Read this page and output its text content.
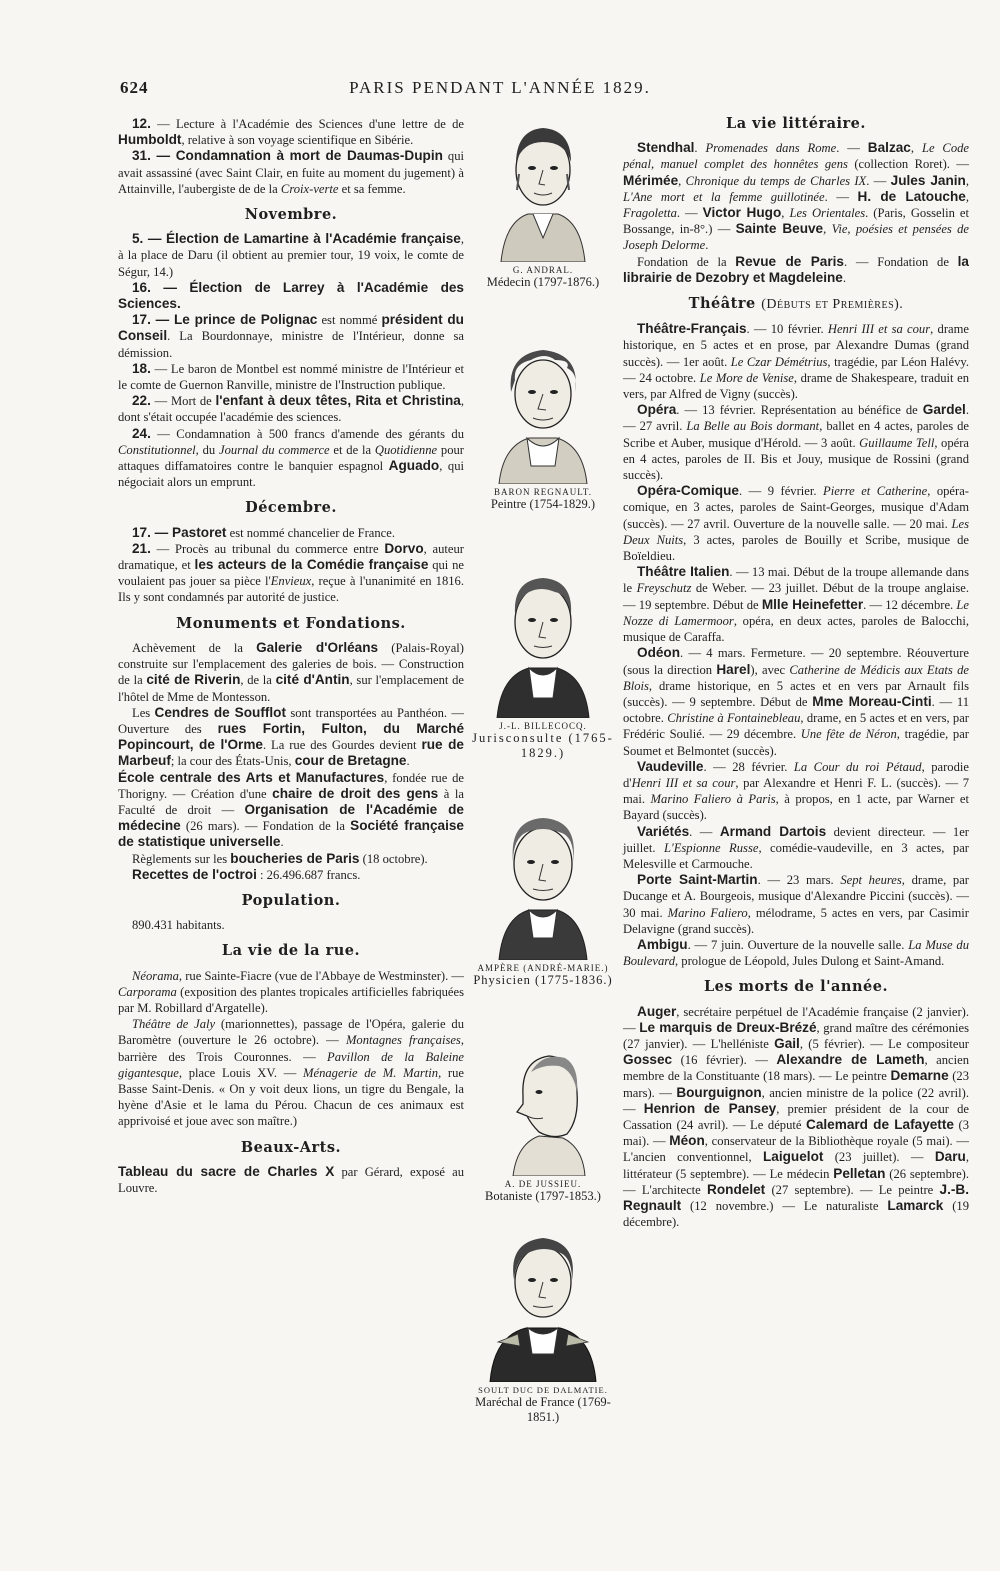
624	PARIS PENDANT L'ANNÉE 1829.

12. — Lecture à l'Académie des Sciences d'une lettre de de Humboldt, relative à son voyage scientifique en Sibérie.

31. — Condamnation à mort de Daumas-Dupin qui avait assassiné (avec Saint Clair, en fuite au moment du jugement) à Attainville, l'aubergiste de de la Croix-verte et sa femme.

Novembre.

5. — Élection de Lamartine à l'Académie française, à la place de Daru (il obtient au premier tour, 19 voix, le comte de Ségur, 14.)

16. — Élection de Larrey à l'Académie des Sciences.

17. — Le prince de Polignac est nommé président du Conseil. La Bourdonnaye, ministre de l'Intérieur, donne sa démission.

18. — Le baron de Montbel est nommé ministre de l'Intérieur et le comte de Guernon Ranville, ministre de l'Instruction publique.

22. — Mort de l'enfant à deux têtes, Rita et Christina, dont s'était occupée l'académie des sciences.

24. — Condamnation à 500 francs d'amende des gérants du Constitutionnel, du Journal du commerce et de la Quotidienne pour attaques diffamatoires contre le banquier espagnol Aguado, qui négociait alors un emprunt.

Décembre.

17. — Pastoret est nommé chancelier de France.

21. — Procès au tribunal du commerce entre Dorvo, auteur dramatique, et les acteurs de la Comédie française qui ne voulaient pas jouer sa pièce l'Envieux, reçue à l'unanimité en 1816. Ils y sont condamnés par autorité de justice.

Monuments et Fondations.

Achèvement de la Galerie d'Orléans (Palais-Royal) construite sur l'emplacement des galeries de bois. — Construction de la cité de Riverin, de la cité d'Antin, sur l'emplacement de l'hôtel de Mme de Montesson.

Les Cendres de Soufflot sont transportées au Panthéon. — Ouverture des rues Fortin, Fulton, du Marché Popincourt, de l'Orme. La rue des Gourdes devient rue de Marbeuf; la cour des États-Unis, cour de Bretagne.

École centrale des Arts et Manufactures, fondée rue de Thorigny. — Création d'une chaire de droit des gens à la Faculté de droit — Organisation de l'Académie de médecine (26 mars). — Fondation de la Société française de statistique universelle.

Règlements sur les boucheries de Paris (18 octobre).

Recettes de l'octroi : 26.496.687 francs.

Population.

890.431 habitants.

La vie de la rue.

Néorama, rue Sainte-Fiacre (vue de l'Abbaye de Westminster). — Carporama (exposition des plantes tropicales artificielles fabriquées par M. Robillard d'Argatelle).

Théâtre de Jaly (marionnettes), passage de l'Opéra, galerie du Baromètre (ouverture le 26 octobre). — Montagnes françaises, barrière des Trois Couronnes. — Pavillon de la Baleine gigantesque, place Louis XV. — Ménagerie de M. Martin, rue Basse Saint-Denis. « On y voit deux lions, un tigre du Bengale, la hyène d'Asie et le lama du Pérou. Chacun de ces animaux est apprivoisé et joue avec son maître.)

Beaux-Arts.

Tableau du sacre de Charles X par Gérard, exposé au Louvre.

G. ANDRAL.
Médecin (1797-1876.)
BARON REGNAULT.
Peintre (1754-1829.)
J.-L. BILLECOCQ.
Jurisconsulte (1765-1829.)
AMPÈRE (ANDRÉ-MARIE.)
Physicien (1775-1836.)
A. DE JUSSIEU.
Botaniste (1797-1853.)
SOULT DUC DE DALMATIE.
Maréchal de France (1769-1851.)
La vie littéraire.

Stendhal. Promenades dans Rome. — Balzac, Le Code pénal, manuel complet des honnêtes gens (collection Roret). — Mérimée, Chronique du temps de Charles IX. — Jules Janin, L'Ane mort et la femme guillotinée. — H. de Latouche, Fragoletta. — Victor Hugo, Les Orientales. (Paris, Gosselin et Bossange, in-8°.) — Sainte Beuve, Vie, poésies et pensées de Joseph Delorme.

Fondation de la Revue de Paris. — Fondation de la librairie de Dezobry et Magdeleine.

Théâtre (Débuts et Premières).

Théâtre-Français. — 10 février. Henri III et sa cour, drame historique, en 5 actes et en prose, par Alexandre Dumas (grand succès). — 1er août. Le Czar Démétrius, tragédie, par Léon Halévy. — 24 octobre. Le More de Venise, drame de Shakespeare, traduit en vers, par Alfred de Vigny (succès).

Opéra. — 13 février. Représentation au bénéfice de Gardel. — 27 avril. La Belle au Bois dormant, ballet en 4 actes, paroles de Scribe et Auber, musique d'Hérold. — 3 août. Guillaume Tell, opéra en 4 actes, paroles de II. Bis et Jouy, musique de Rossini (grand succès).

Opéra-Comique. — 9 février. Pierre et Catherine, opéra-comique, en 3 actes, paroles de Saint-Georges, musique d'Adam (succès). — 27 avril. Ouverture de la nouvelle salle. — 20 mai. Les Deux Nuits, 3 actes, paroles de Bouilly et Scribe, musique de Boïeldieu.

Théâtre Italien. — 13 mai. Début de la troupe allemande dans le Freyschutz de Weber. — 23 juillet. Début de la troupe anglaise. — 19 septembre. Début de Mlle Heinefetter. — 12 décembre. Le Nozze di Lamermoor, opéra, en deux actes, paroles de Balocchi, musique de Caraffa.

Odéon. — 4 mars. Fermeture. — 20 septembre. Réouverture (sous la direction Harel), avec Catherine de Médicis aux Etats de Blois, drame historique, en 5 actes et en vers par Arnault fils (succès). — 9 septembre. Début de Mme Moreau-Cinti. — 11 octobre. Christine à Fontainebleau, drame, en 5 actes et en vers, par Frédéric Soulié. — 29 décembre. Une fête de Néron, tragédie, par Soumet et Belmontet (succès).

Vaudeville. — 28 février. La Cour du roi Pétaud, parodie d'Henri III et sa cour, par Alexandre et Henri F. L. (succès). — 7 mai. Marino Faliero à Paris, à propos, en 1 acte, par Warner et Bayard (succès).

Variétés. — Armand Dartois devient directeur. — 1er juillet. L'Espionne Russe, comédie-vaudeville, en 3 actes, par Melesville et Carmouche.

Porte Saint-Martin. — 23 mars. Sept heures, drame, par Ducange et A. Bourgeois, musique d'Alexandre Piccini (succès). — 30 mai. Marino Faliero, mélodrame, 5 actes en vers, par Casimir Delavigne (grand succès).

Ambigu. — 7 juin. Ouverture de la nouvelle salle. La Muse du Boulevard, prologue de Léopold, Jules Dulong et Saint-Amand.

Les morts de l'année.

Auger, secrétaire perpétuel de l'Académie française (2 janvier). — Le marquis de Dreux-Brézé, grand maître des cérémonies (27 janvier). — L'helléniste Gail, (5 février). — Le compositeur Gossec (16 février). — Alexandre de Lameth, ancien membre de la Constituante (18 mars). — Le peintre Demarne (23 mars). — Bourguignon, ancien ministre de la police (22 avril). — Henrion de Pansey, premier président de la cour de Cassation (24 avril). — Le député Calemard de Lafayette (3 mai). — Méon, conservateur de la Bibliothèque royale (5 mai). — L'ancien conventionnel, Laiguelot (23 juillet). — Daru, littérateur (5 septembre). — Le médecin Pelletan (26 septembre). — L'architecte Rondelet (27 septembre). — Le peintre J.-B. Regnault (12 novembre.) — Le naturaliste Lamarck (19 décembre).
